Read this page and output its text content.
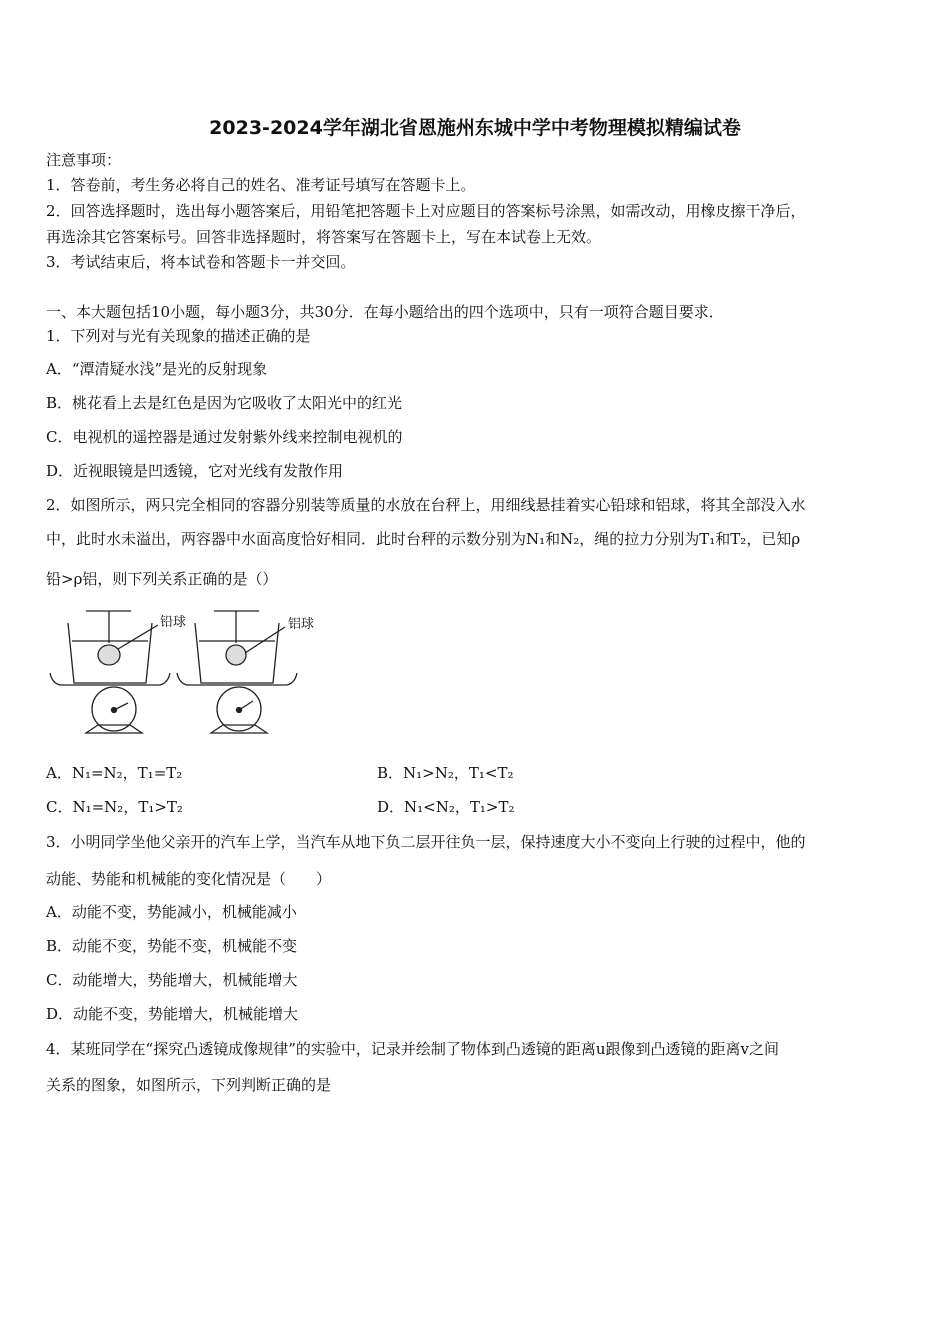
2023-2024学年湖北省恩施州东城中学中考物理模拟精编试卷
注意事项：
1．答卷前，考生务必将自己的姓名、准考证号填写在答题卡上。
2．回答选择题时，选出每小题答案后，用铅笔把答题卡上对应题目的答案标号涂黑，如需改动，用橡皮擦干净后，
再选涂其它答案标号。回答非选择题时，将答案写在答题卡上，写在本试卷上无效。
3．考试结束后，将本试卷和答题卡一并交回。
一、本大题包括10小题，每小题3分，共30分．在每小题给出的四个选项中，只有一项符合题目要求．
1．下列对与光有关现象的描述正确的是
A．“潭清疑水浅”是光的反射现象
B．桃花看上去是红色是因为它吸收了太阳光中的红光
C．电视机的遥控器是通过发射紫外线来控制电视机的
D．近视眼镜是凹透镜，它对光线有发散作用
2．如图所示，两只完全相同的容器分别装等质量的水放在台秤上，用细线悬挂着实心铅球和铝球，将其全部没入水
中，此时水未溢出，两容器中水面高度恰好相同．此时台秤的示数分别为N₁和N₂，绳的拉力分别为T₁和T₂，已知ρ
铅>ρ铝，则下列关系正确的是（）
铅球	铝球
A．N₁=N₂，T₁=T₂	B．N₁>N₂，T₁<T₂
C．N₁=N₂，T₁>T₂	D．N₁<N₂，T₁>T₂
3．小明同学坐他父亲开的汽车上学，当汽车从地下负二层开往负一层，保持速度大小不变向上行驶的过程中，他的
动能、势能和机械能的变化情况是（　　）
A．动能不变，势能减小，机械能减小
B．动能不变，势能不变，机械能不变
C．动能增大，势能增大，机械能增大
D．动能不变，势能增大，机械能增大
4．某班同学在“探究凸透镜成像规律”的实验中，记录并绘制了物体到凸透镜的距离u跟像到凸透镜的距离v之间
关系的图象，如图所示，下列判断正确的是
